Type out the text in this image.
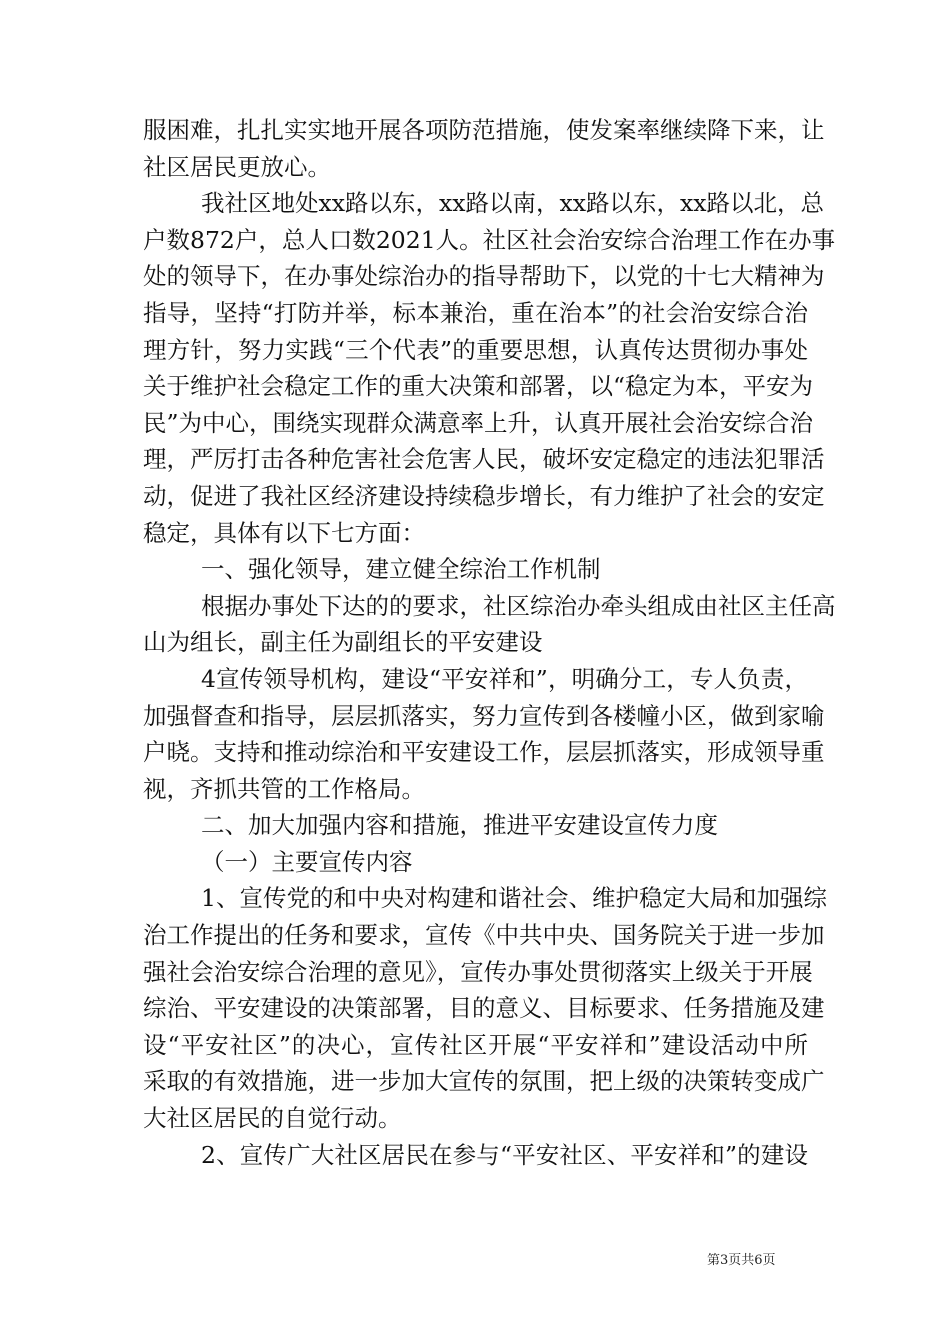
服困难，扎扎实实地开展各项防范措施，使发案率继续降下来，让
社区居民更放心。
我社区地处xx路以东，xx路以南，xx路以东，xx路以北，总
户数872户，总人口数2021人。社区社会治安综合治理工作在办事
处的领导下，在办事处综治办的指导帮助下，以党的十七大精神为
指导，坚持“打防并举，标本兼治，重在治本”的社会治安综合治
理方针，努力实践“三个代表”的重要思想，认真传达贯彻办事处
关于维护社会稳定工作的重大决策和部署，以“稳定为本，平安为
民”为中心，围绕实现群众满意率上升，认真开展社会治安综合治
理，严厉打击各种危害社会危害人民，破坏安定稳定的违法犯罪活
动，促进了我社区经济建设持续稳步增长，有力维护了社会的安定
稳定，具体有以下七方面：
一、强化领导，建立健全综治工作机制
根据办事处下达的的要求，社区综治办牵头组成由社区主任高
山为组长，副主任为副组长的平安建设
4宣传领导机构，建设“平安祥和”，明确分工，专人负责，
加强督查和指导，层层抓落实，努力宣传到各楼幢小区，做到家喻
户晓。支持和推动综治和平安建设工作，层层抓落实，形成领导重
视，齐抓共管的工作格局。
二、加大加强内容和措施，推进平安建设宣传力度
（一）主要宣传内容
1、宣传党的和中央对构建和谐社会、维护稳定大局和加强综
治工作提出的任务和要求，宣传《中共中央、国务院关于进一步加
强社会治安综合治理的意见》，宣传办事处贯彻落实上级关于开展
综治、平安建设的决策部署，目的意义、目标要求、任务措施及建
设“平安社区”的决心，宣传社区开展“平安祥和”建设活动中所
采取的有效措施，进一步加大宣传的氛围，把上级的决策转变成广
大社区居民的自觉行动。
2、宣传广大社区居民在参与“平安社区、平安祥和”的建设
第3页共6页
